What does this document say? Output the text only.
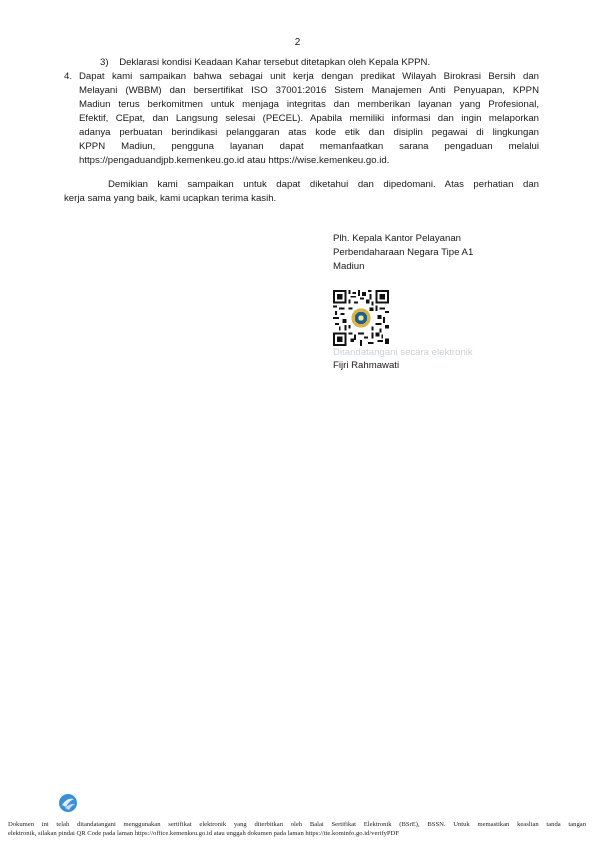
2
3) Deklarasi kondisi Keadaan Kahar tersebut ditetapkan oleh Kepala KPPN.
4. Dapat kami sampaikan bahwa sebagai unit kerja dengan predikat Wilayah Birokrasi Bersih dan
Melayani (WBBM) dan bersertifikat ISO 37001:2016 Sistem Manajemen Anti Penyuapan, KPPN
Madiun terus berkomitmen untuk menjaga integritas dan memberikan layanan yang Profesional,
Efektif, CEpat, dan Langsung selesai (PECEL). Apabila memiliki informasi dan ingin melaporkan
adanya perbuatan berindikasi pelanggaran atas kode etik dan disiplin pegawai di lingkungan
KPPN Madiun, pengguna layanan dapat memanfaatkan sarana pengaduan melalui
https://pengaduandjpb.kemenkeu.go.id atau https://wise.kemenkeu.go.id.
Demikian kami sampaikan untuk dapat diketahui dan dipedomani. Atas perhatian dan
kerja sama yang baik, kami ucapkan terima kasih.
Plh. Kepala Kantor Pelayanan
Perbendaharaan Negara Tipe A1
Madiun
Ditandatangani secara elektronik
Fijri Rahmawati
Dokumen ini telah ditandatangani menggunakan sertifikat elektronik yang diterbitkan oleh Balai Sertifikat Elektronik (BSrE), BSSN. Untuk memastikan keaslian tanda tangan
elektronik, silakan pindai QR Code pada laman https://office.kemenkeu.go.id atau unggah dokumen pada laman https://tte.kominfo.go.id/verifyPDF
